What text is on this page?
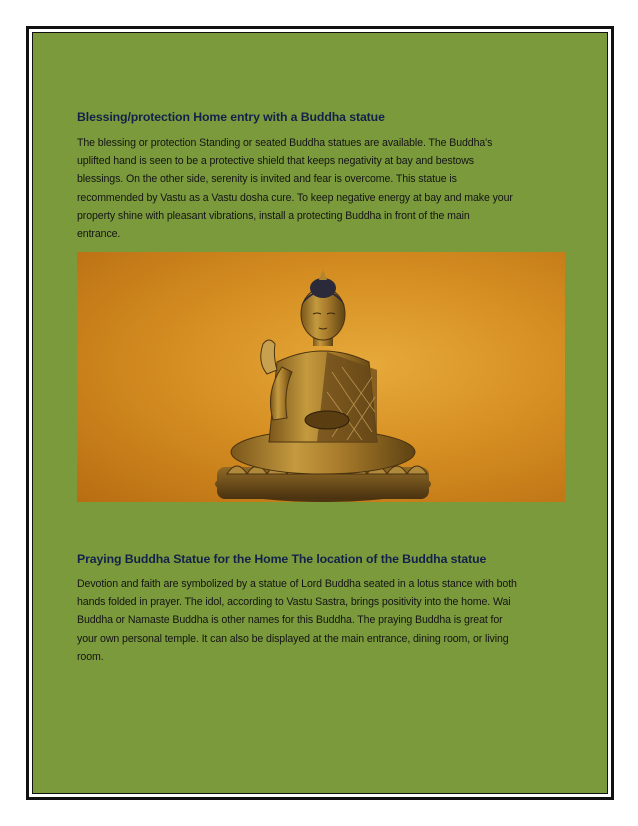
Blessing/protection Home entry with a Buddha statue
The blessing or protection Standing or seated Buddha statues are available. The Buddha's
uplifted hand is seen to be a protective shield that keeps negativity at bay and bestows
blessings. On the other side, serenity is invited and fear is overcome. This statue is
recommended by Vastu as a Vastu dosha cure. To keep negative energy at bay and make your
property shine with pleasant vibrations, install a protecting Buddha in front of the main
entrance.
Praying Buddha Statue for the Home The location of the Buddha statue
Devotion and faith are symbolized by a statue of Lord Buddha seated in a lotus stance with both
hands folded in prayer. The idol, according to Vastu Sastra, brings positivity into the home. Wai
Buddha or Namaste Buddha is other names for this Buddha. The praying Buddha is great for
your own personal temple. It can also be displayed at the main entrance, dining room, or living
room.
